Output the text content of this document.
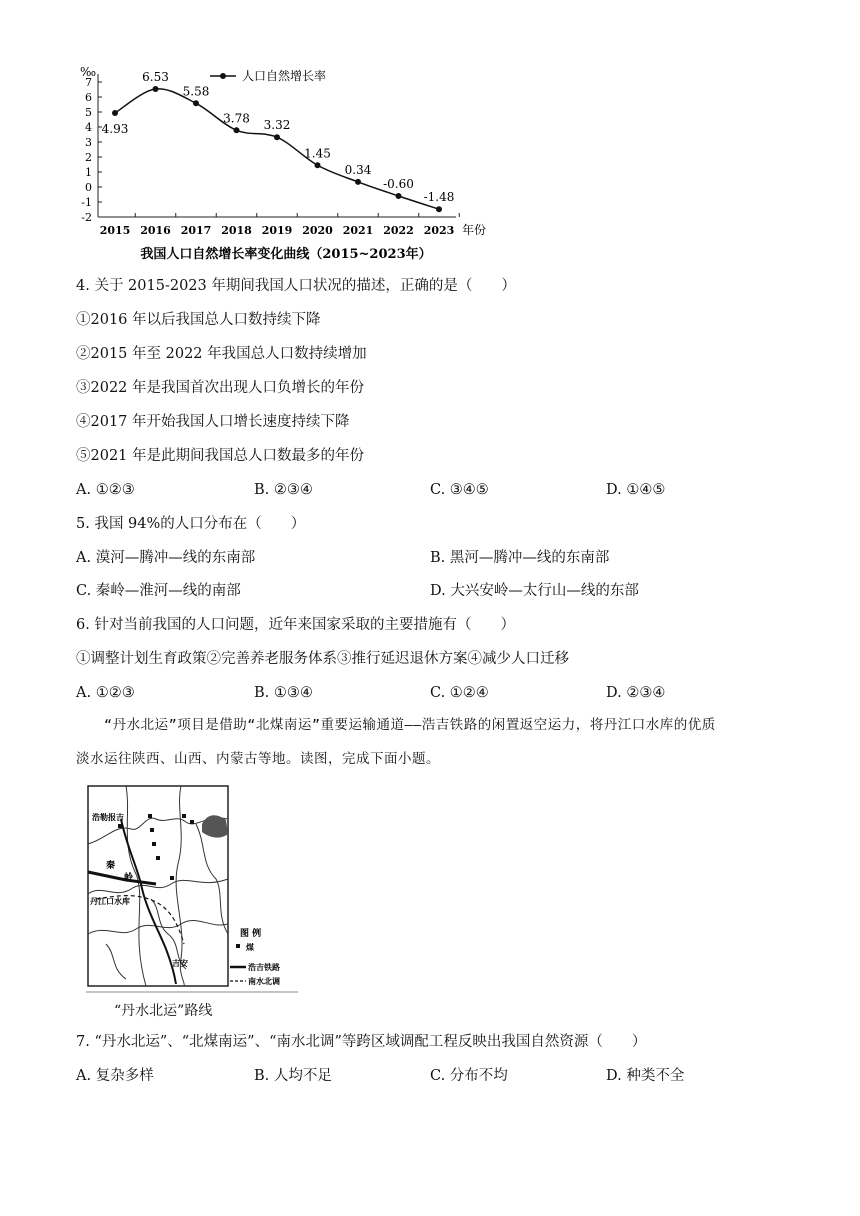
‰
7
6
5
4
3
2
1
0
-1
-2
2015 2016 2017 2018 2019 2020 2021 2022 2023 年份
4.93
6.53
5.58
3.78 3.32
1.45
0.34
-0.60
-1.48
人口自然增长率
我国人口自然增长率变化曲线（2015~2023年）
4. 关于 2015-2023 年期间我国人口状况的描述，正确的是（　　）
①2016 年以后我国总人口数持续下降
②2015 年至 2022 年我国总人口数持续增加
③2022 年是我国首次出现人口负增长的年份
④2017 年开始我国人口增长速度持续下降
⑤2021 年是此期间我国总人口数最多的年份
A. ①②③	B. ②③④	C. ③④⑤	D. ①④⑤
5. 我国 94%的人口分布在（　　）
A. 漠河—腾冲—线的东南部	B. 黑河—腾冲—线的东南部
C. 秦岭—淮河—线的南部	D. 大兴安岭—太行山—线的东部
6. 针对当前我国的人口问题，近年来国家采取的主要措施有（　　）
①调整计划生育政策②完善养老服务体系③推行延迟退休方案④减少人口迁移
A. ①②③	B. ①③④	C. ①②④	D. ②③④
“丹水北运”项目是借助“北煤南运”重要运输通道——浩吉铁路的闲置返空运力，将丹江口水库的优质
淡水运往陕西、山西、内蒙古等地。读图，完成下面小题。
浩勒报吉
秦
岭
丹江口水库
吉安
图 例
煤
浩吉铁路
南水北调
“丹水北运”路线
7. “丹水北运”、“北煤南运”、“南水北调”等跨区域调配工程反映出我国自然资源（　　）
A. 复杂多样	B. 人均不足	C. 分布不均	D. 种类不全
